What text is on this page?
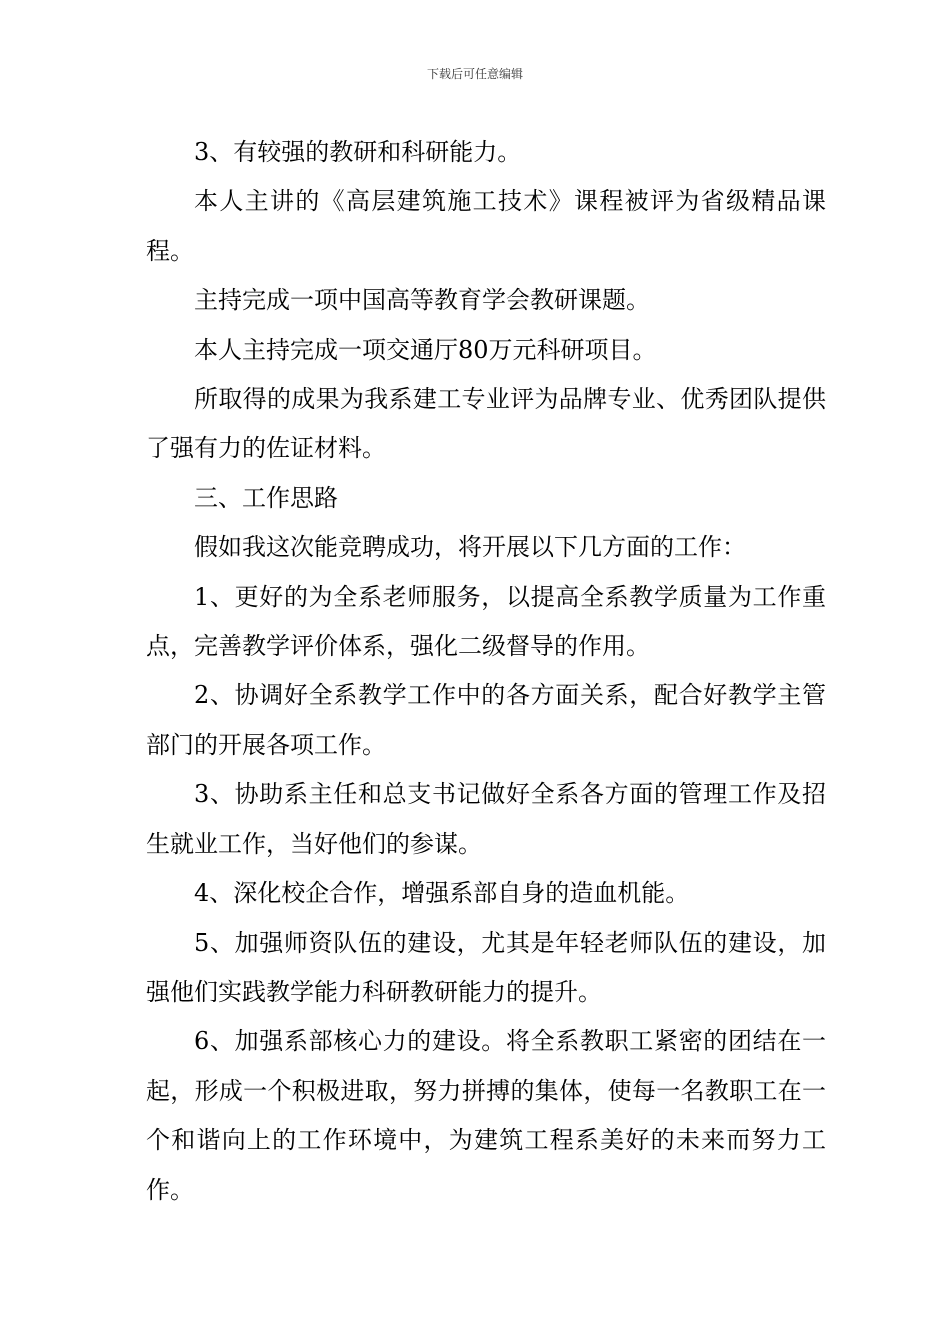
下载后可任意编辑

3、有较强的教研和科研能力。

本人主讲的《高层建筑施工技术》课程被评为省级精品课程。

主持完成一项中国高等教育学会教研课题。

本人主持完成一项交通厅80万元科研项目。

所取得的成果为我系建工专业评为品牌专业、优秀团队提供了强有力的佐证材料。

三、工作思路

假如我这次能竞聘成功，将开展以下几方面的工作：

1、更好的为全系老师服务，以提高全系教学质量为工作重点，完善教学评价体系，强化二级督导的作用。

2、协调好全系教学工作中的各方面关系，配合好教学主管部门的开展各项工作。

3、协助系主任和总支书记做好全系各方面的管理工作及招生就业工作，当好他们的参谋。

4、深化校企合作，增强系部自身的造血机能。

5、加强师资队伍的建设，尤其是年轻老师队伍的建设，加强他们实践教学能力科研教研能力的提升。

6、加强系部核心力的建设。将全系教职工紧密的团结在一起，形成一个积极进取，努力拼搏的集体，使每一名教职工在一个和谐向上的工作环境中，为建筑工程系美好的未来而努力工作。
